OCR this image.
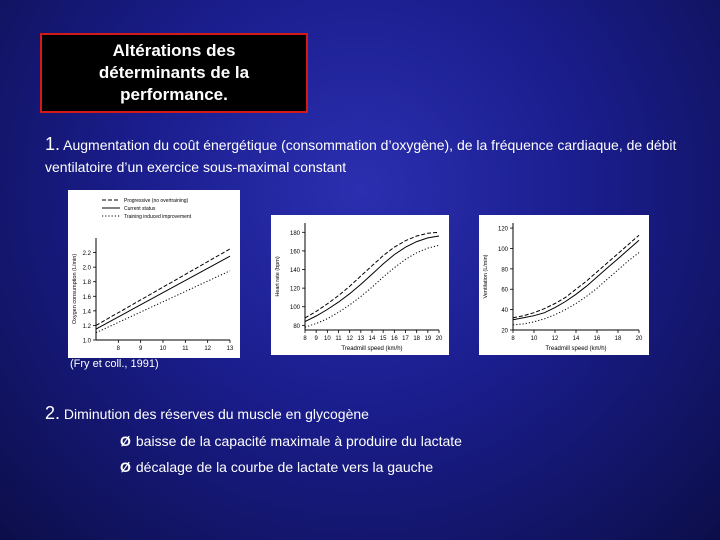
Altérations des
déterminants de la
performance.
1. Augmentation du coût énergétique (consommation d’oxygène), de la fréquence cardiaque, de débit ventilatoire d’un exercice sous-maximal constant
1.0
1.2
1.4
1.6
1.8
2.0
2.2
8	9	10	11	12	13
Oxygen consumption (L/min)
Progressive (no overtraining)
Current status
Training induced improvement
80
100
120
140
160
180
8 9 10 11 12 13 14 15 16 17 18 19 20
Heart rate (bpm)
Treadmill speed (km/h)
20
40
60
80
100
120
8	10 12 14 16 18 20
Ventilation (L/min)
Treadmill speed (km/h)
(Fry et coll., 1991)
2. Diminution des réserves du muscle en glycogène
Ø baisse de la capacité maximale à produire du lactate
Ø décalage de la courbe de lactate vers la gauche
